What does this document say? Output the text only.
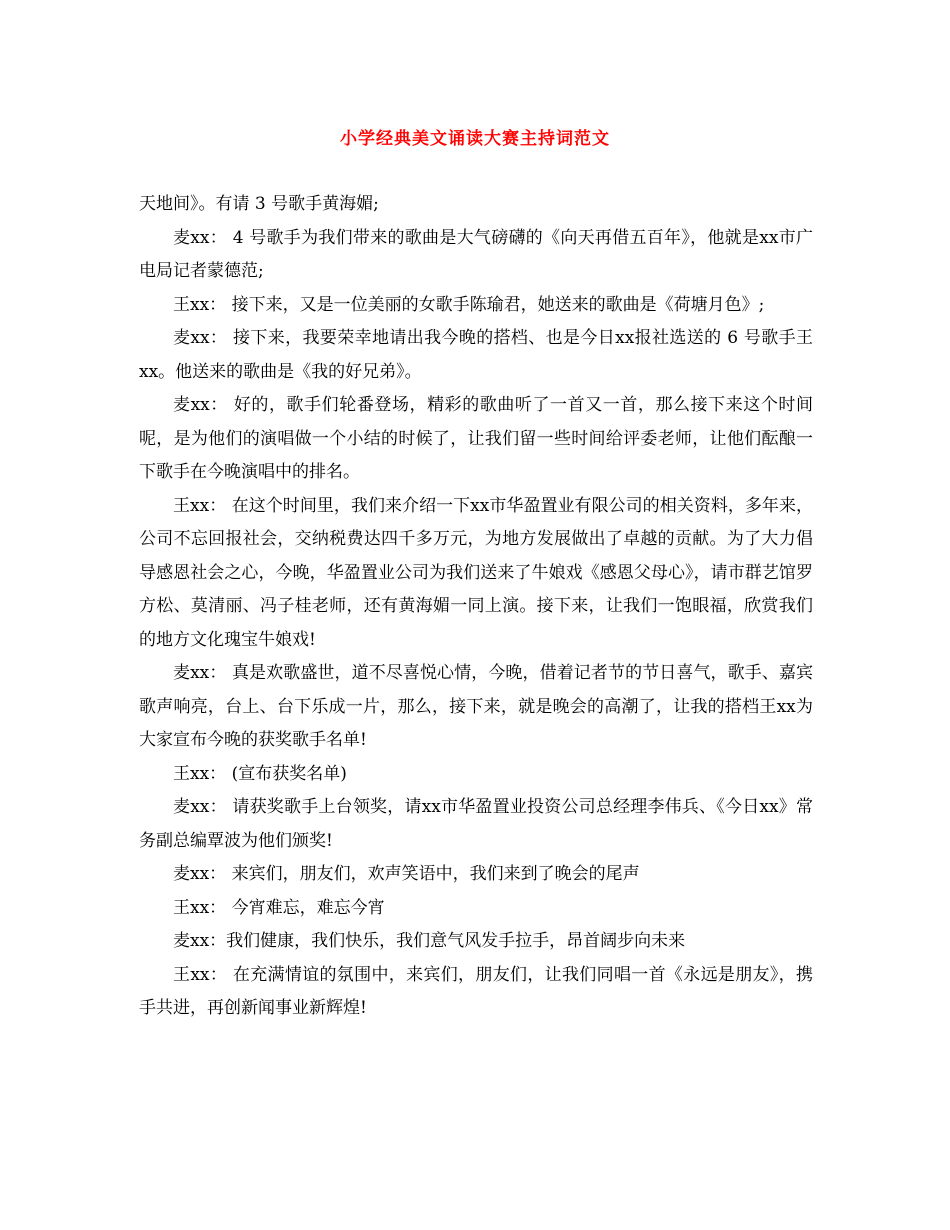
小学经典美文诵读大赛主持词范文

天地间》。有请 3 号歌手黄海媚;

麦xx： 4 号歌手为我们带来的歌曲是大气磅礴的《向天再借五百年》，他就是xx市广电局记者蒙德范;

王xx： 接下来，又是一位美丽的女歌手陈瑜君，她送来的歌曲是《荷塘月色》;

麦xx： 接下来，我要荣幸地请出我今晚的搭档、也是今日xx报社选送的 6 号歌手王xx。他送来的歌曲是《我的好兄弟》。

麦xx： 好的，歌手们轮番登场，精彩的歌曲听了一首又一首，那么接下来这个时间呢，是为他们的演唱做一个小结的时候了，让我们留一些时间给评委老师，让他们酝酿一下歌手在今晚演唱中的排名。

王xx： 在这个时间里，我们来介绍一下xx市华盈置业有限公司的相关资料，多年来，公司不忘回报社会，交纳税费达四千多万元，为地方发展做出了卓越的贡献。为了大力倡导感恩社会之心，今晚，华盈置业公司为我们送来了牛娘戏《感恩父母心》，请市群艺馆罗方松、莫清丽、冯子桂老师，还有黄海媚一同上演。接下来，让我们一饱眼福，欣赏我们的地方文化瑰宝牛娘戏!

麦xx： 真是欢歌盛世，道不尽喜悦心情，今晚，借着记者节的节日喜气，歌手、嘉宾歌声响亮，台上、台下乐成一片，那么，接下来，就是晚会的高潮了，让我的搭档王xx为大家宣布今晚的获奖歌手名单!

王xx： (宣布获奖名单)

麦xx： 请获奖歌手上台领奖，请xx市华盈置业投资公司总经理李伟兵、《今日xx》常务副总编覃波为他们颁奖!

麦xx： 来宾们，朋友们，欢声笑语中，我们来到了晚会的尾声

王xx： 今宵难忘，难忘今宵

麦xx：我们健康，我们快乐，我们意气风发手拉手，昂首阔步向未来

王xx： 在充满情谊的氛围中，来宾们，朋友们，让我们同唱一首《永远是朋友》，携手共进，再创新闻事业新辉煌!
